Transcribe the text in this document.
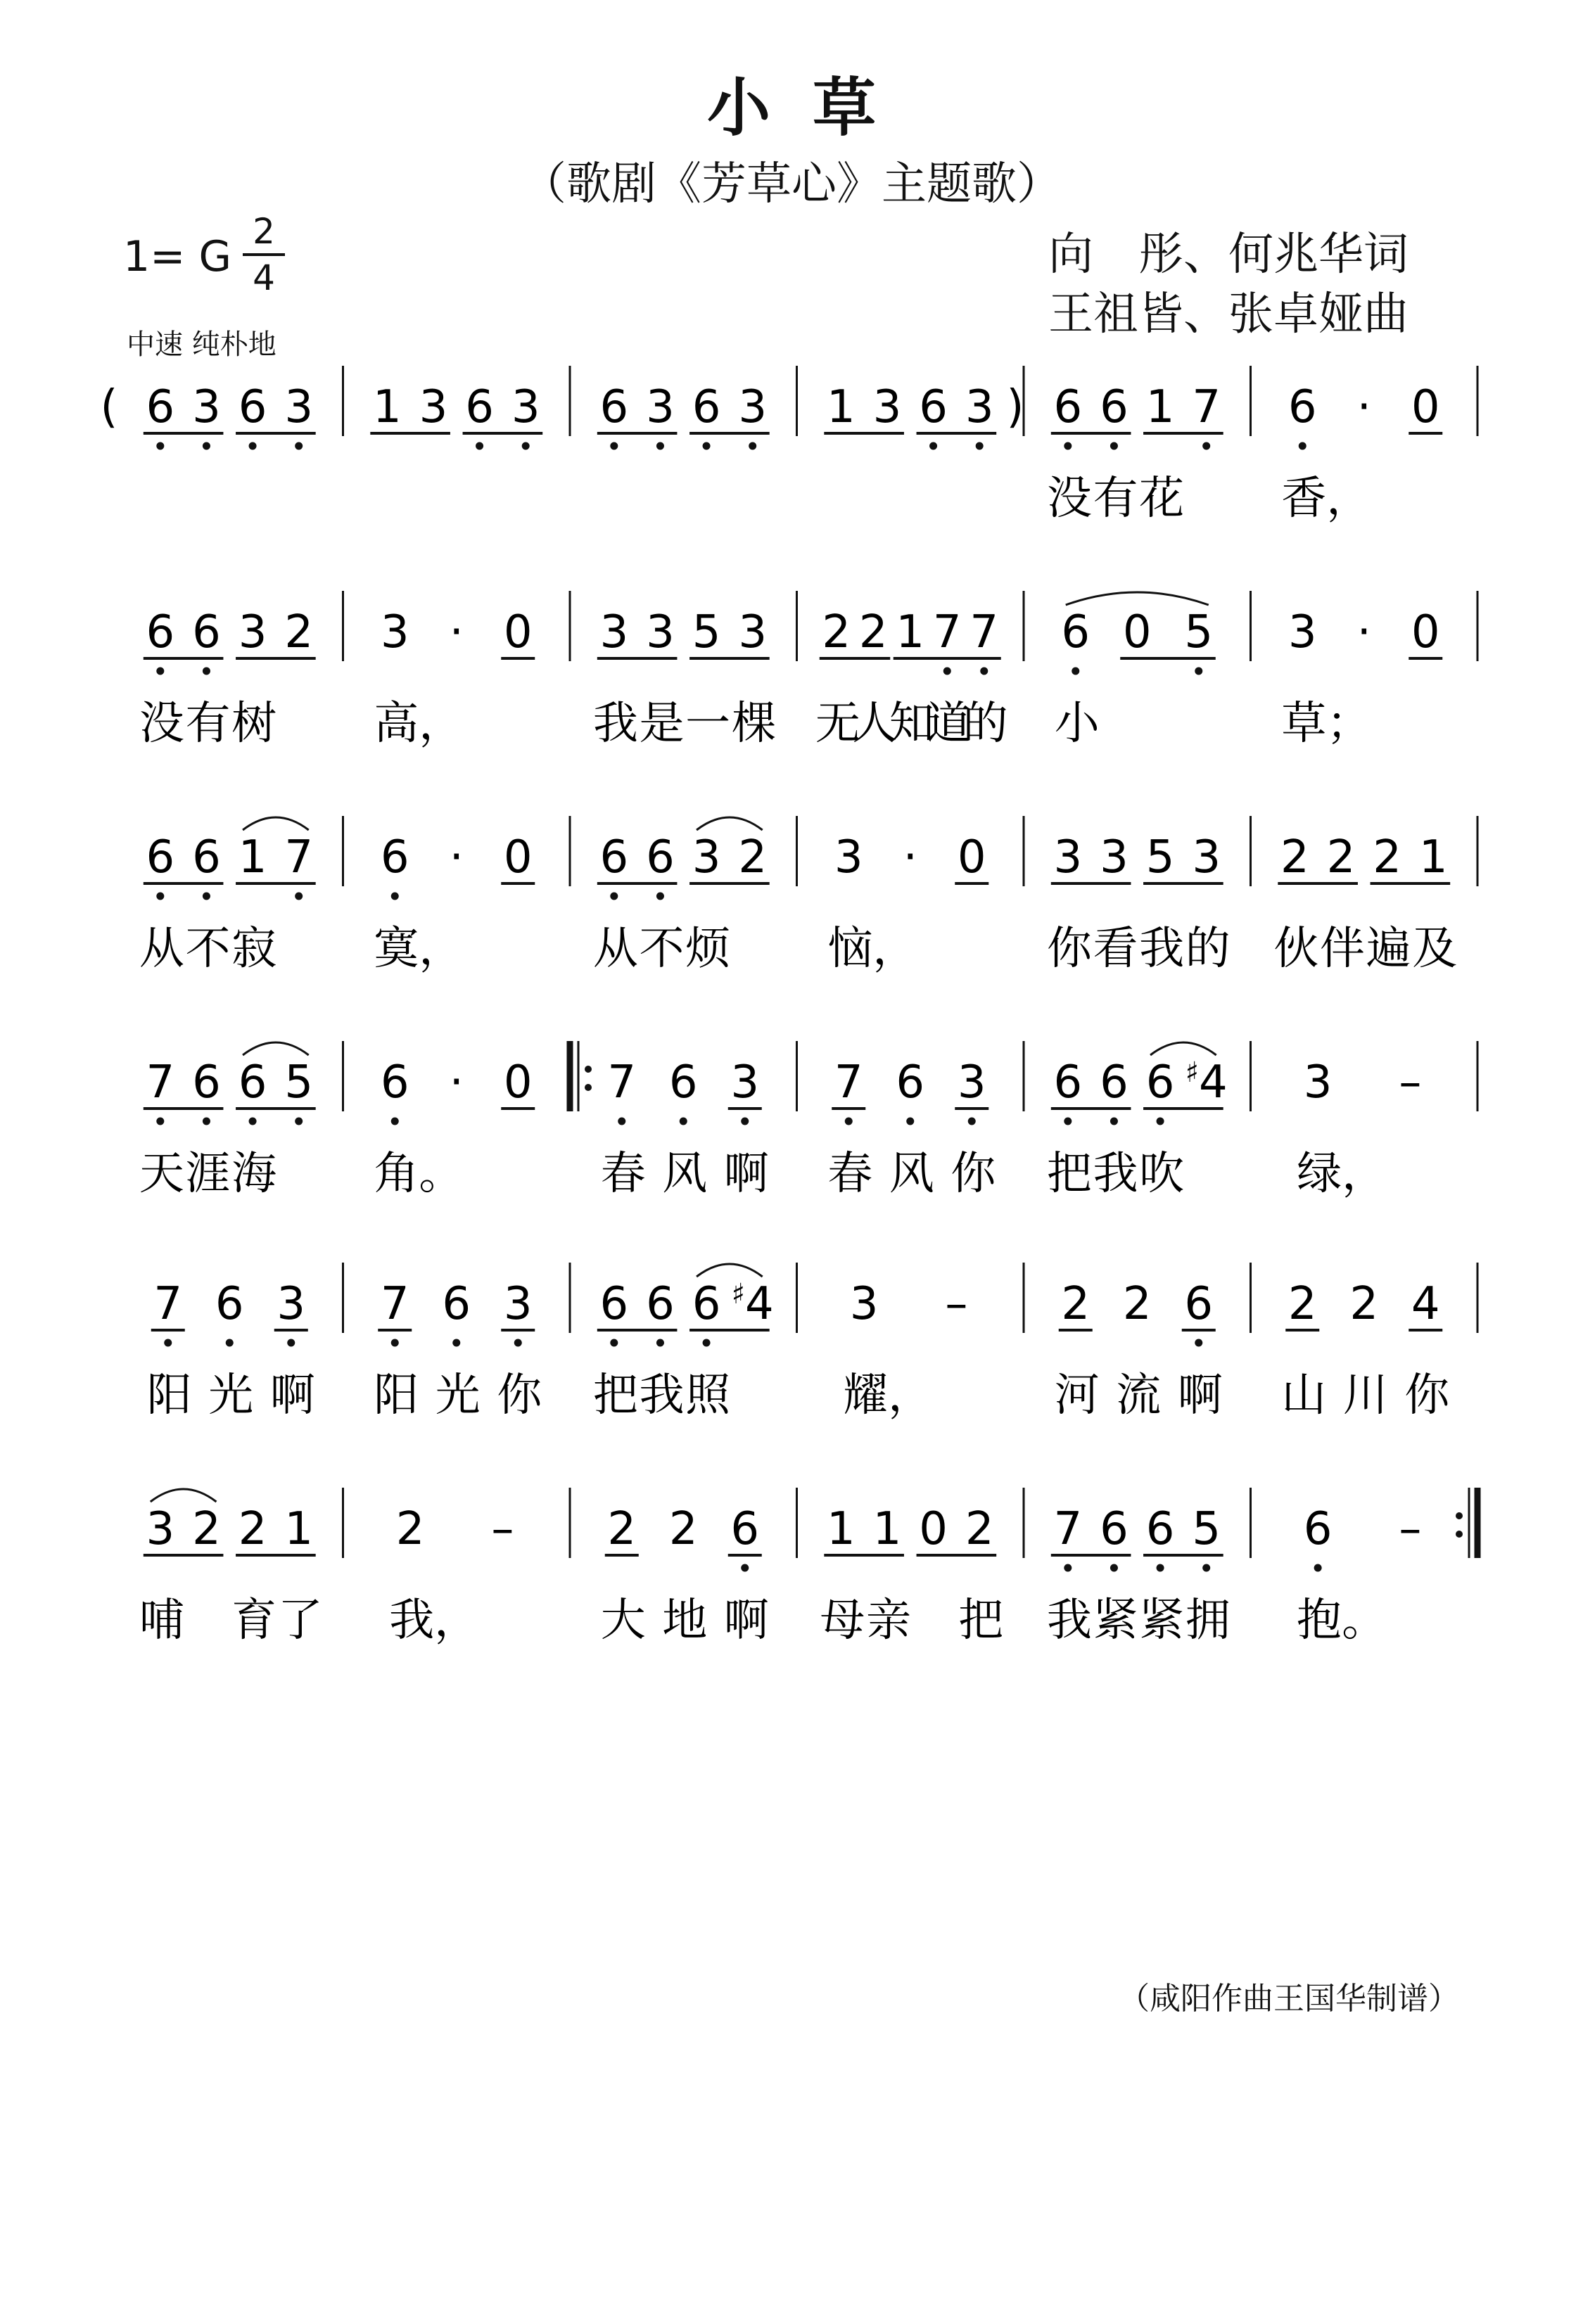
小草
（歌剧《芳草心》主题歌）
1= G
2
4	向　彤、何兆华词
王祖皆、张卓娅曲
中速 纯朴地
( 6 3 6 3 1 3 6 3 6 3 6 3	)
1 3 6 3 6 6 1 7
没 有 花
6 · 0
香，
6 6 3 2
没 有 树
3 · 0
高，
3 3 5 3
我 是 一 棵
2 2 1 7 7
无
人
知
道
的
6 0 5
小
3 · 0
草；
6 6 1 7
从 不 寂
6 · 0
寞，
6 6 3 2
从 不 烦
3 · 0
恼，
3 3 5 3
你 看 我 的
2 2 2 1
伙 伴 遍 及
7 6 6 5
天 涯 海
6 · 0
角。
7 6 3
春 风 啊
7 6 3
春 风 你
6 6 6 ♯4
把 我 吹
3 –
绿，
7 6 3
阳 光 啊
7 6 3
阳 光 你
6 6 6 ♯4
把 我 照
3 –
耀，
2 2 6
河 流 啊
2 2 4
山 川 你
3 2 2 1
哺 育 了
2 –
我，
2 2 6
大 地 啊
1 1 0 2
母 亲 把
7 6 6 5
我 紧 紧 拥
6 –
抱。
（咸阳作曲王国华制谱）
